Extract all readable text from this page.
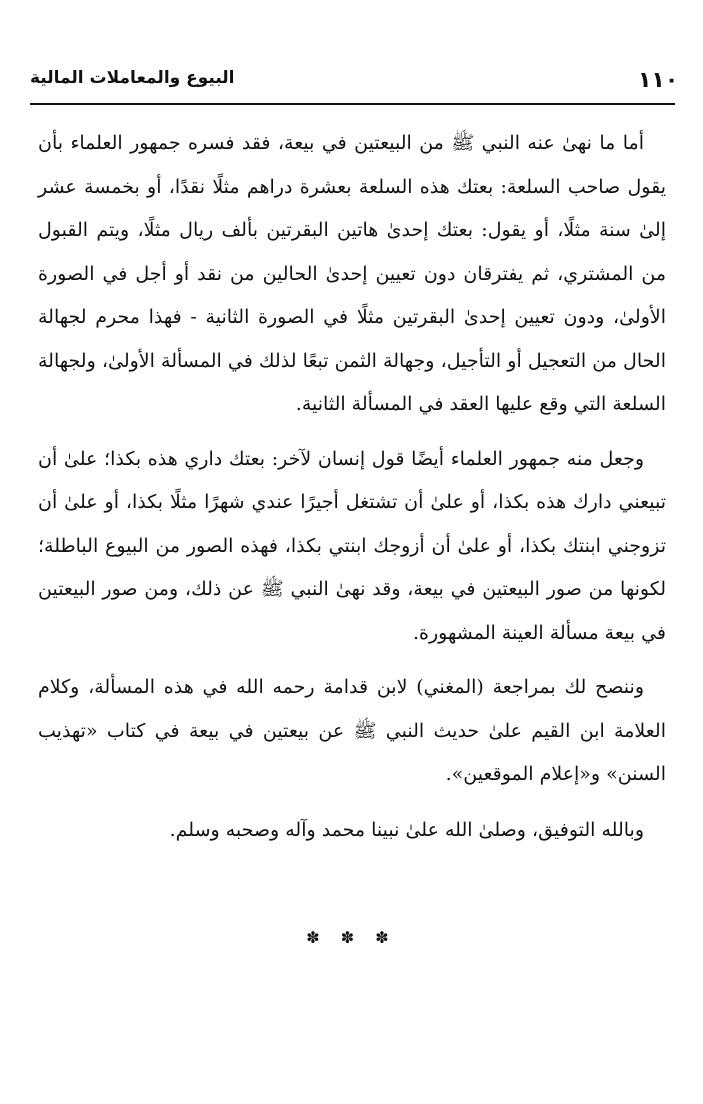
١١٠
البيوع والمعاملات المالية

أما ما نهىٰ عنه النبي ﷺ من البيعتين في بيعة، فقد فسره جمهور العلماء بأن يقول صاحب السلعة: بعتك هذه السلعة بعشرة دراهم مثلًا نقدًا، أو بخمسة عشر إلىٰ سنة مثلًا، أو يقول: بعتك إحدىٰ هاتين البقرتين بألف ريال مثلًا، ويتم القبول من المشتري، ثم يفترقان دون تعيين إحدىٰ الحالين من نقد أو أجل في الصورة الأولىٰ، ودون تعيين إحدىٰ البقرتين مثلًا في الصورة الثانية - فهذا محرم لجهالة الحال من التعجيل أو التأجيل، وجهالة الثمن تبعًا لذلك في المسألة الأولىٰ، ولجهالة السلعة التي وقع عليها العقد في المسألة الثانية.

وجعل منه جمهور العلماء أيضًا قول إنسان لآخر: بعتك داري هذه بكذا؛ علىٰ أن تبيعني دارك هذه بكذا، أو علىٰ أن تشتغل أجيرًا عندي شهرًا مثلًا بكذا، أو علىٰ أن تزوجني ابنتك بكذا، أو علىٰ أن أزوجك ابنتي بكذا، فهذه الصور من البيوع الباطلة؛ لكونها من صور البيعتين في بيعة، وقد نهىٰ النبي ﷺ عن ذلك، ومن صور البيعتين في بيعة مسألة العينة المشهورة.

وننصح لك بمراجعة (المغني) لابن قدامة رحمه الله في هذه المسألة، وكلام العلامة ابن القيم علىٰ حديث النبي ﷺ عن بيعتين في بيعة في كتاب «تهذيب السنن» و«إعلام الموقعين».

وبالله التوفيق، وصلىٰ الله علىٰ نبينا محمد وآله وصحبه وسلم.

✽ ✽ ✽
